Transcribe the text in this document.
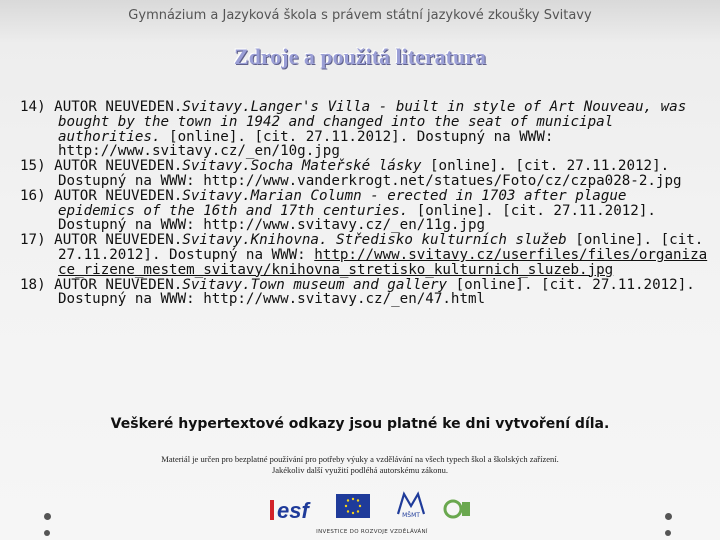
Gymnázium a Jazyková škola s právem státní jazykové zkoušky Svitavy
Zdroje a použitá literatura
14) AUTOR NEUVEDEN.Svitavy.Langer's Villa - built in style of Art Nouveau, was bought by the town in 1942 and changed into the seat of municipal authorities. [online]. [cit. 27.11.2012]. Dostupný na WWW: http://www.svitavy.cz/_en/10g.jpg
15) AUTOR NEUVEDEN.Svitavy.Socha Mateřské lásky [online]. [cit. 27.11.2012]. Dostupný na WWW: http://www.vanderkrogt.net/statues/Foto/cz/czpa028-2.jpg
16) AUTOR NEUVEDEN.Svitavy.Marian Column - erected in 1703 after plague epidemics of the 16th and 17th centuries. [online]. [cit. 27.11.2012]. Dostupný na WWW: http://www.svitavy.cz/_en/11g.jpg
17) AUTOR NEUVEDEN.Svitavy.Knihovna. Středisko kulturních služeb [online]. [cit. 27.11.2012]. Dostupný na WWW: http://www.svitavy.cz/userfiles/files/organizace_rizene_mestem_svitavy/knihovna_stretisko_kulturnich_sluzeb.jpg
18) AUTOR NEUVEDEN.Svitavy.Town museum and gallery [online]. [cit. 27.11.2012]. Dostupný na WWW: http://www.svitavy.cz/_en/47.html
Veškeré hypertextové odkazy jsou platné ke dni vytvoření díla.
Materiál je určen pro bezplatné používání pro potřeby výuky a vzdělávání na všech typech škol a školských zařízení.
Jakékoliv další využití podléhá autorskému zákonu.
esf	MŠMT
INVESTICE DO ROZVOJE VZDĚLÁVÁNÍ
